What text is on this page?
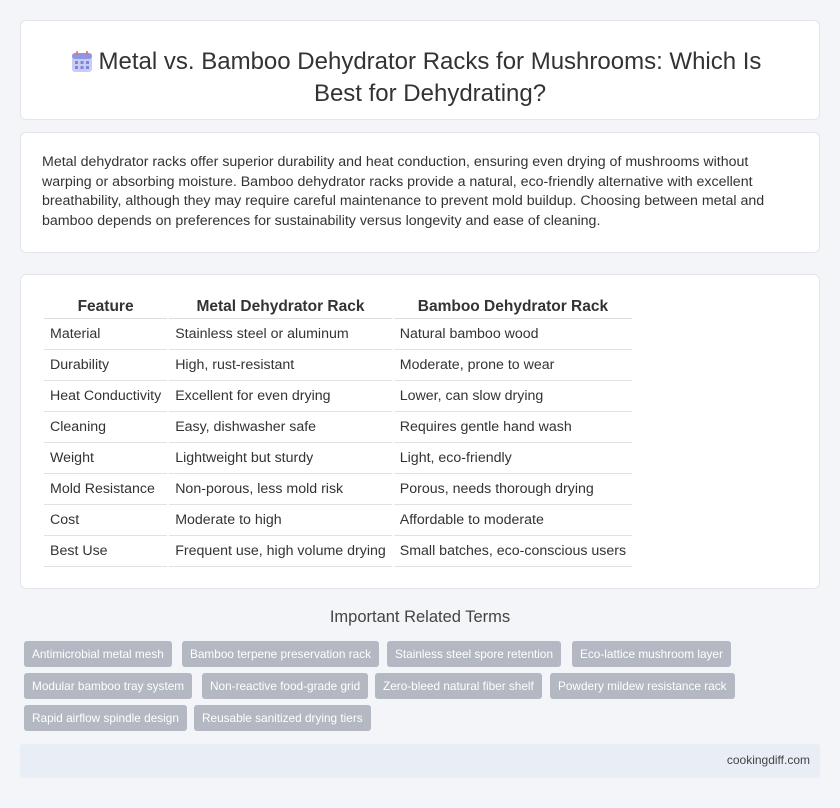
Metal vs. Bamboo Dehydrator Racks for Mushrooms: Which Is Best for Dehydrating?

Metal dehydrator racks offer superior durability and heat conduction, ensuring even drying of mushrooms without warping or absorbing moisture. Bamboo dehydrator racks provide a natural, eco-friendly alternative with excellent breathability, although they may require careful maintenance to prevent mold buildup. Choosing between metal and bamboo depends on preferences for sustainability versus longevity and ease of cleaning.

Feature	Metal Dehydrator Rack	Bamboo Dehydrator Rack
Material	Stainless steel or aluminum	Natural bamboo wood
Durability	High, rust-resistant	Moderate, prone to wear
Heat Conductivity	Excellent for even drying	Lower, can slow drying
Cleaning	Easy, dishwasher safe	Requires gentle hand wash
Weight	Lightweight but sturdy	Light, eco-friendly
Mold Resistance	Non-porous, less mold risk	Porous, needs thorough drying
Cost	Moderate to high	Affordable to moderate
Best Use	Frequent use, high volume drying	Small batches, eco-conscious users
Important Related Terms
Antimicrobial metal mesh	Bamboo terpene preservation rack	Stainless steel spore retention	Eco-lattice mushroom layer
Modular bamboo tray system	Non-reactive food-grade grid	Zero-bleed natural fiber shelf	Powdery mildew resistance rack
Rapid airflow spindle design	Reusable sanitized drying tiers
cookingdiff.com
